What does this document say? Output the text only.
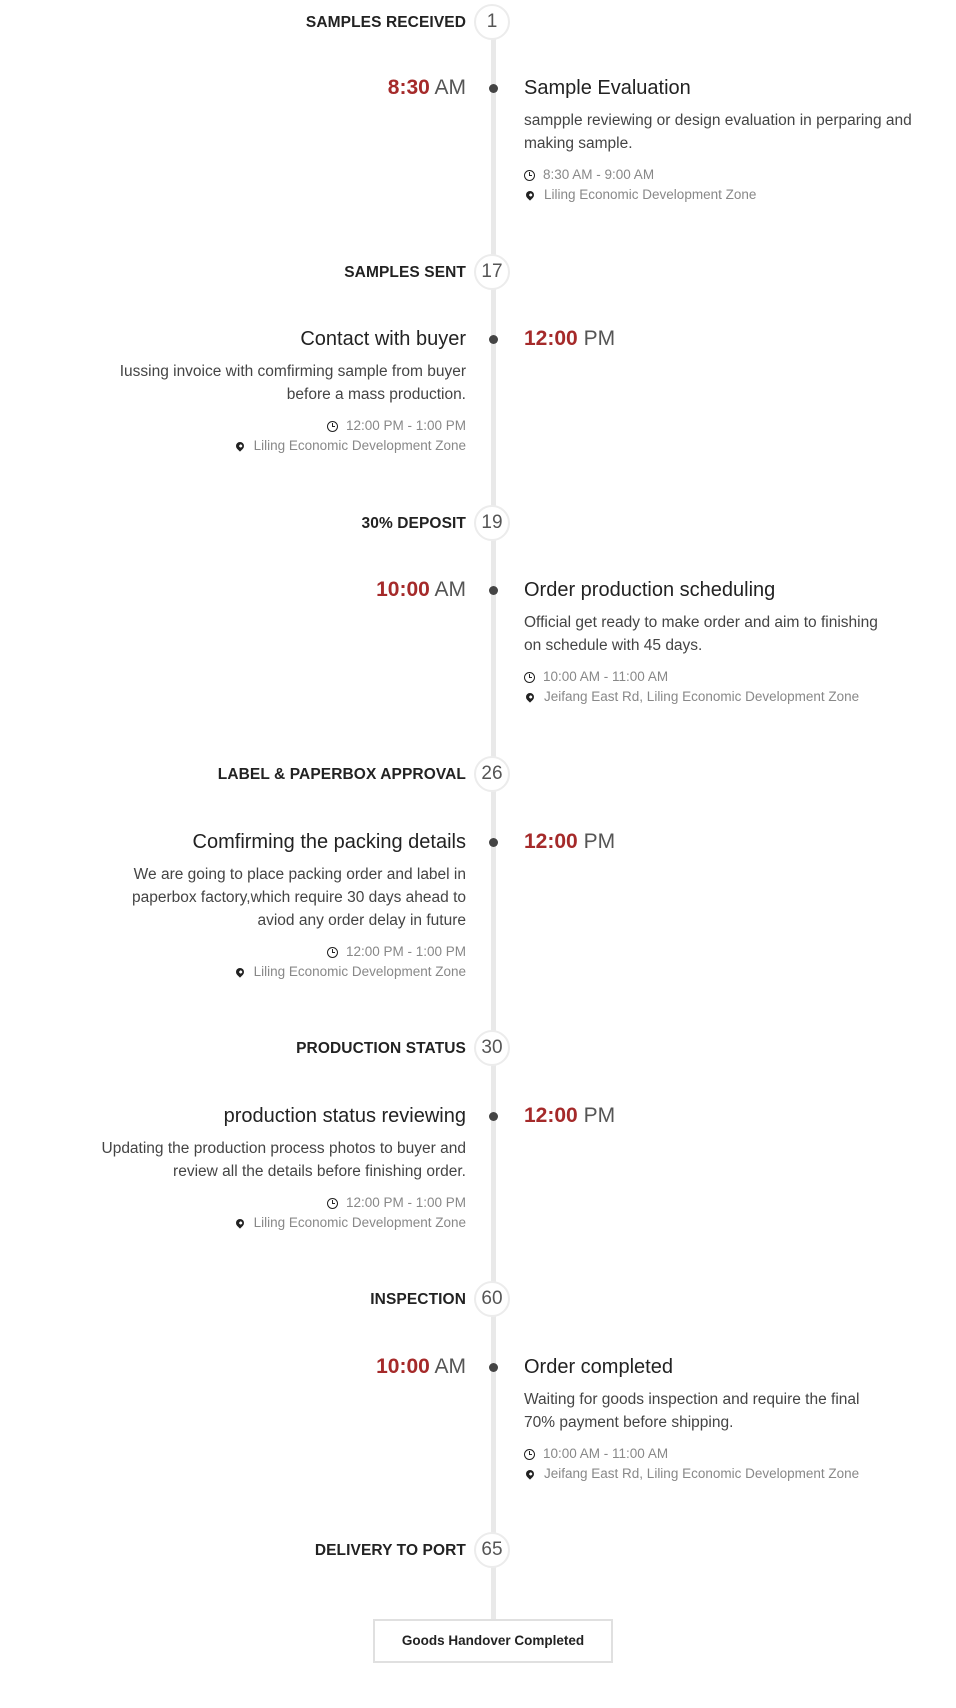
SAMPLES RECEIVED	1
8:30 AM	Sample Evaluation
sampple reviewing or design evaluation in perparing and making sample.
8:30 AM - 9:00 AM
Liling Economic Development Zone
SAMPLES SENT 17
12:00 PM
Contact with buyer
Iussing invoice with comfirming sample from buyer before a mass production.
12:00 PM - 1:00 PM
Liling Economic Development Zone
30% DEPOSIT 19
10:00 AM	Order production scheduling
Official get ready to make order and aim to finishing on schedule with 45 days.
10:00 AM - 11:00 AM
Jeifang East Rd, Liling Economic Development Zone
LABEL & PAPERBOX APPROVAL 26
12:00 PM
Comfirming the packing details
We are going to place packing order and label in paperbox factory,which require 30 days ahead to aviod any order delay in future
12:00 PM - 1:00 PM
Liling Economic Development Zone
PRODUCTION STATUS 30
12:00 PM
production status reviewing
Updating the production process photos to buyer and review all the details before finishing order.
12:00 PM - 1:00 PM
Liling Economic Development Zone
INSPECTION 60
10:00 AM	Order completed
Waiting for goods inspection and require the final 70% payment before shipping.
10:00 AM - 11:00 AM
Jeifang East Rd, Liling Economic Development Zone
DELIVERY TO PORT 65
Goods Handover Completed
